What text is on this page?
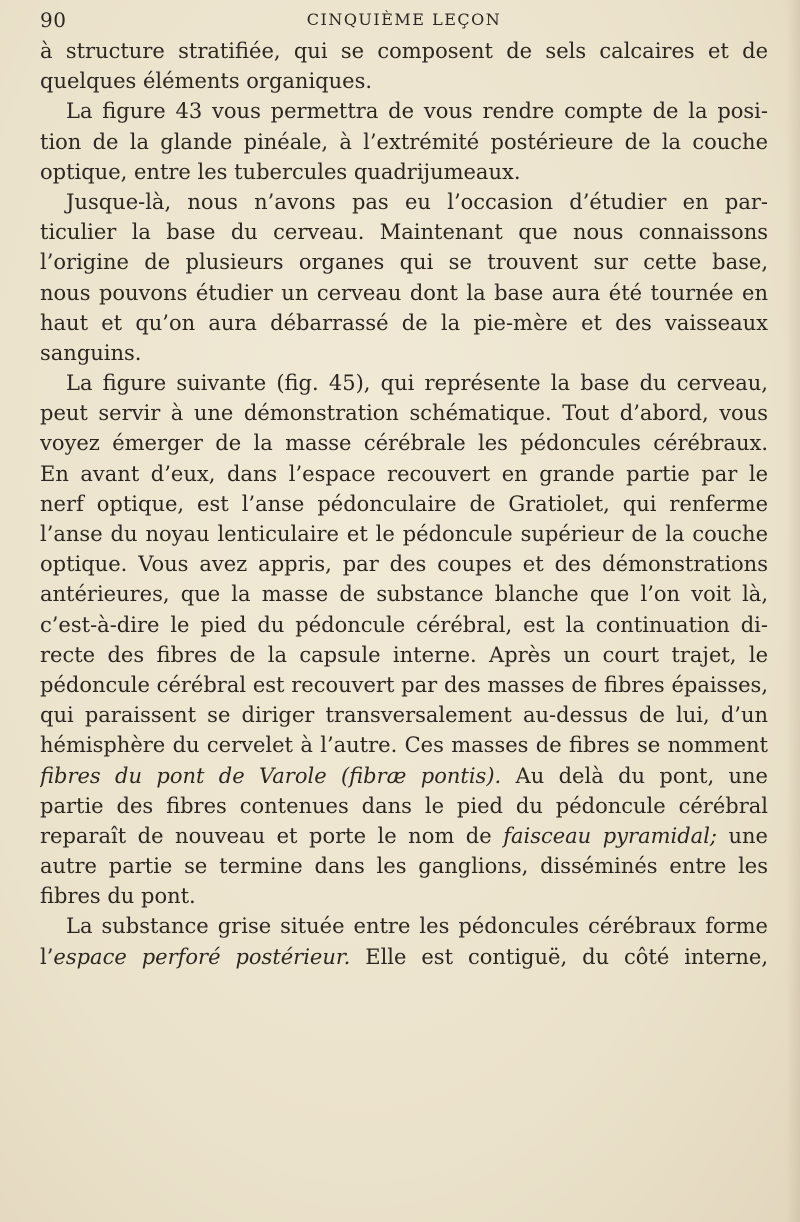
90	CINQUIÈME LEÇON
à structure stratifiée, qui se composent de sels calcaires et de
quelques éléments organiques.
La figure 43 vous permettra de vous rendre compte de la posi-
tion de la glande pinéale, à l’extrémité postérieure de la couche
optique, entre les tubercules quadrijumeaux.
Jusque-là, nous n’avons pas eu l’occasion d’étudier en par-
ticulier la base du cerveau. Maintenant que nous connaissons
l’origine de plusieurs organes qui se trouvent sur cette base,
nous pouvons étudier un cerveau dont la base aura été tournée en
haut et qu’on aura débarrassé de la pie-mère et des vaisseaux
sanguins.
La figure suivante (fig. 45), qui représente la base du cerveau,
peut servir à une démonstration schématique. Tout d’abord, vous
voyez émerger de la masse cérébrale les pédoncules cérébraux.
En avant d’eux, dans l’espace recouvert en grande partie par le
nerf optique, est l’anse pédonculaire de Gratiolet, qui renferme
l’anse du noyau lenticulaire et le pédoncule supérieur de la couche
optique. Vous avez appris, par des coupes et des démonstrations
antérieures, que la masse de substance blanche que l’on voit là,
c’est-à-dire le pied du pédoncule cérébral, est la continuation di-
recte des fibres de la capsule interne. Après un court trajet, le
pédoncule cérébral est recouvert par des masses de fibres épaisses,
qui paraissent se diriger transversalement au-dessus de lui, d’un
hémisphère du cervelet à l’autre. Ces masses de fibres se nomment
fibres du pont de Varole (fibræ pontis). Au delà du pont, une
partie des fibres contenues dans le pied du pédoncule cérébral
reparaît de nouveau et porte le nom de faisceau pyramidal; une
autre partie se termine dans les ganglions, disséminés entre les
fibres du pont.
La substance grise située entre les pédoncules cérébraux forme
l’espace perforé postérieur. Elle est contiguë, du côté interne,
